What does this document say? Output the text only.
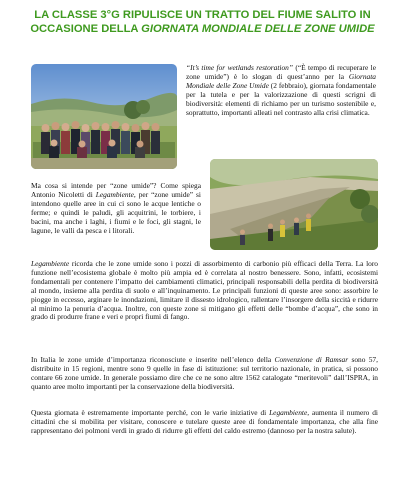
LA CLASSE 3°G RIPULISCE UN TRATTO DEL FIUME SALITO IN
OCCASIONE DELLA GIORNATA MONDIALE DELLE ZONE UMIDE

“It’s time for wetlands restoration” (“È tempo di recuperare le zone umide”) è lo slogan di quest’anno per la Giornata Mondiale delle Zone Umide (2 febbraio), giornata fondamentale per la tutela e per la valorizzazione di questi scrigni di biodiversità: elementi di richiamo per un turismo sostenibile e, soprattutto, importanti alleati nel contrasto alla crisi climatica.

Ma cosa si intende per “zone umide”? Come spiega Antonio Nicoletti di Legambiente, per “zone umide” si intendono quelle aree in cui ci sono le acque lentiche o ferme; e quindi le paludi, gli acquitrini, le torbiere, i bacini, ma anche i laghi, i fiumi e le foci, gli stagni, le lagune, le valli da pesca e i litorali.

Legambiente ricorda che le zone umide sono i pozzi di assorbimento di carbonio più efficaci della Terra. La loro funzione nell’ecosistema globale è molto più ampia ed è correlata al nostro benessere. Sono, infatti, ecosistemi fondamentali per contenere l’impatto dei cambiamenti climatici, principali responsabili della perdita di biodiversità al mondo, insieme alla perdita di suolo e all’inquinamento. Le principali funzioni di queste aree sono: assorbire le piogge in eccesso, arginare le inondazioni, limitare il dissesto idrologico, rallentare l’insorgere della siccità e ridurre al minimo la penuria d’acqua. Inoltre, con queste zone si mitigano gli effetti delle “bombe d’acqua”, che sono in grado di produrre frane e veri e propri fiumi di fango.

In Italia le zone umide d’importanza riconosciute e inserite nell’elenco della Convenzione di Ramsar sono 57, distribuite in 15 regioni, mentre sono 9 quelle in fase di istituzione: sul territorio nazionale, in pratica, si possono contare 66 zone umide. In generale possiamo dire che ce ne sono altre 1562 catalogate “meritevoli” dall’ISPRA, in quanto aree molto importanti per la conservazione della biodiversità.

Questa giornata è estremamente importante perché, con le varie iniziative di Legambiente, aumenta il numero di cittadini che si mobilita per visitare, conoscere e tutelare queste aree di fondamentale importanza, che alla fine rappresentano dei polmoni verdi in grado di ridurre gli effetti del caldo estremo (dannoso per la nostra salute).
